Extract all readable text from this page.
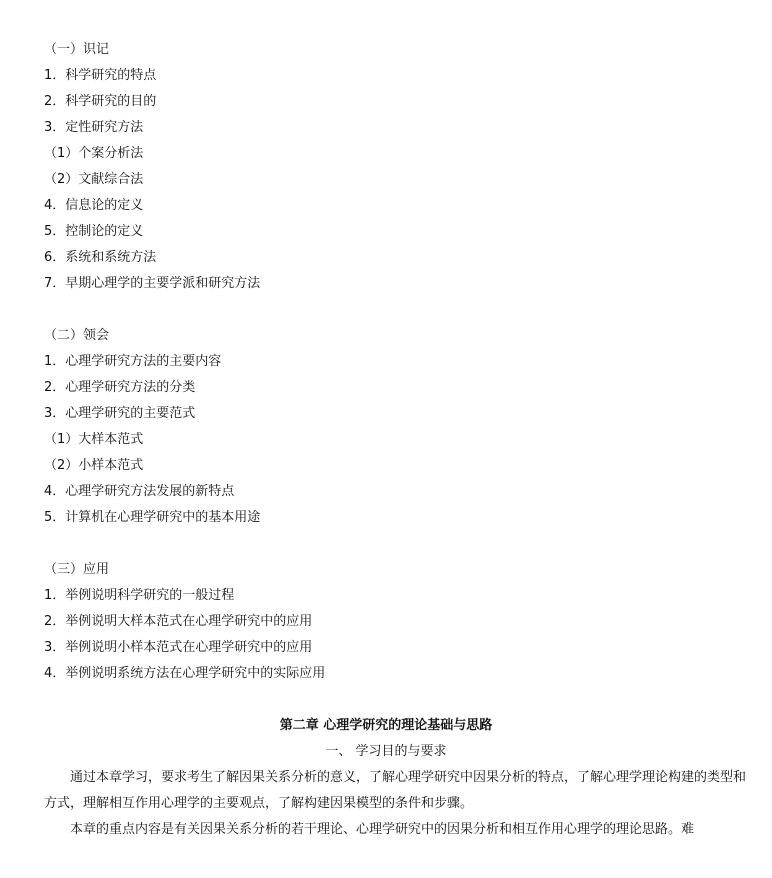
（一）识记
1．科学研究的特点
2．科学研究的目的
3．定性研究方法
（1）个案分析法
（2）文献综合法
4．信息论的定义
5．控制论的定义
6．系统和系统方法
7．早期心理学的主要学派和研究方法
（二）领会
1．心理学研究方法的主要内容
2．心理学研究方法的分类
3．心理学研究的主要范式
（1）大样本范式
（2）小样本范式
4．心理学研究方法发展的新特点
5．计算机在心理学研究中的基本用途
（三）应用
1．举例说明科学研究的一般过程
2．举例说明大样本范式在心理学研究中的应用
3．举例说明小样本范式在心理学研究中的应用
4．举例说明系统方法在心理学研究中的实际应用
第二章 心理学研究的理论基础与思路
一、 学习目的与要求
通过本章学习，要求考生了解因果关系分析的意义，了解心理学研究中因果分析的特点，了解心理学理论构建的类型和方式，理解相互作用心理学的主要观点，了解构建因果模型的条件和步骤。
本章的重点内容是有关因果关系分析的若干理论、心理学研究中的因果分析和相互作用心理学的理论思路。难
